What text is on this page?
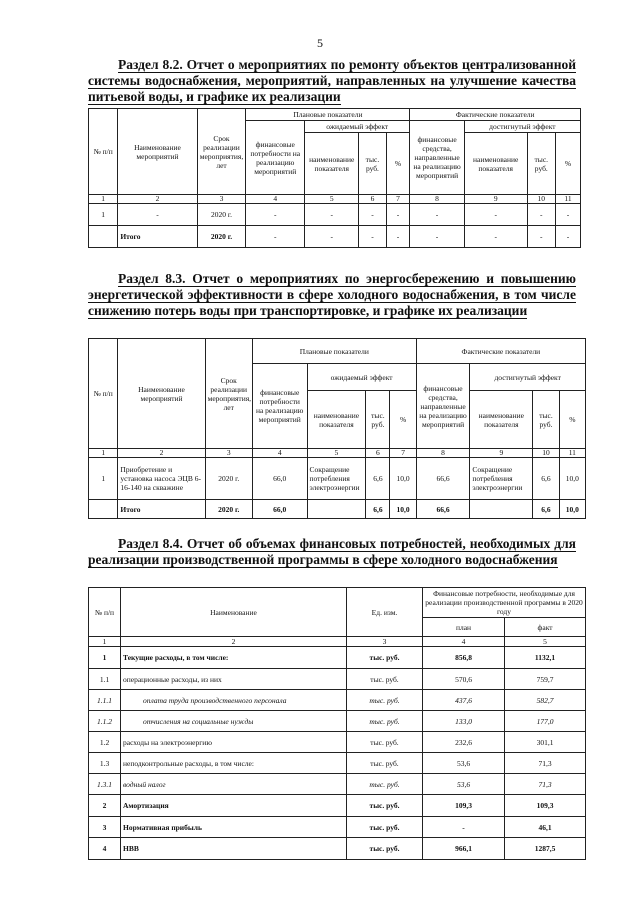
5
Раздел 8.2. Отчет о мероприятиях по ремонту объектов централизованной системы водоснабжения, мероприятий, направленных на улучшение качества питьевой воды, и графике их реализации
№ п/п	Наименование мероприятий	Срок реализации мероприятия, лет	Плановые показатели				Фактические показатели			
			финансовые потребности на реализацию мероприятий	ожидаемый эффект			финансовые средства, направленные на реализацию мероприятий	достигнутый эффект		
				наименование показателя	тыс. руб.	%		наименование показателя	тыс. руб.	%
1	2	3	4	5	6	7	8	9	10	11
1	-	2020 г.	-	-	-	-	-	-	-	-
	Итого	2020 г.	-	-	-	-	-	-	-	-
Раздел 8.3. Отчет о мероприятиях по энергосбережению и повышению энергетической эффективности в сфере холодного водоснабжения, в том числе снижению потерь воды при транспортировке, и графике их реализации
№ п/п	Наименование мероприятий	Срок реализации мероприятия, лет	Плановые показатели				Фактические показатели			
			финансовые потребности на реализацию мероприятий	ожидаемый эффект			финансовые средства, направленные на реализацию мероприятий	достигнутый эффект		
				наименование показателя	тыс. руб.	%		наименование показателя	тыс. руб.	%
1	2	3	4	5	6	7	8	9	10	11
1	Приобретение и установка насоса ЭЦВ 6-16-140 на скважине	2020 г.	66,0	Сокращение потребления электроэнергии	6,6	10,0	66,6	Сокращение потребления электроэнергии	6,6	10,0
	Итого	2020 г.	66,0		6,6	10,0	66,6		6,6	10,0
Раздел 8.4. Отчет об объемах финансовых потребностей, необходимых для реализации производственной программы в сфере холодного водоснабжения
№ п/п	Наименование	Ед. изм.	Финансовые потребности, необходимые для реализации производственной программы в 2020 году	
			план	факт
1	2	3	4	5
1	Текущие расходы, в том числе:	тыс. руб.	856,8	1132,1
1.1	операционные расходы, из них	тыс. руб.	570,6	759,7
1.1.1	оплата труда производственного персонала	тыс. руб.	437,6	582,7
1.1.2	отчисления на социальные нужды	тыс. руб.	133,0	177,0
1.2	расходы на электроэнергию	тыс. руб.	232,6	301,1
1.3	неподконтрольные расходы, в том числе:	тыс. руб.	53,6	71,3
1.3.1	водный налог	тыс. руб.	53,6	71,3
2	Амортизация	тыс. руб.	109,3	109,3
3	Нормативная прибыль	тыс. руб.	-	46,1
4	НВВ	тыс. руб.	966,1	1287,5
